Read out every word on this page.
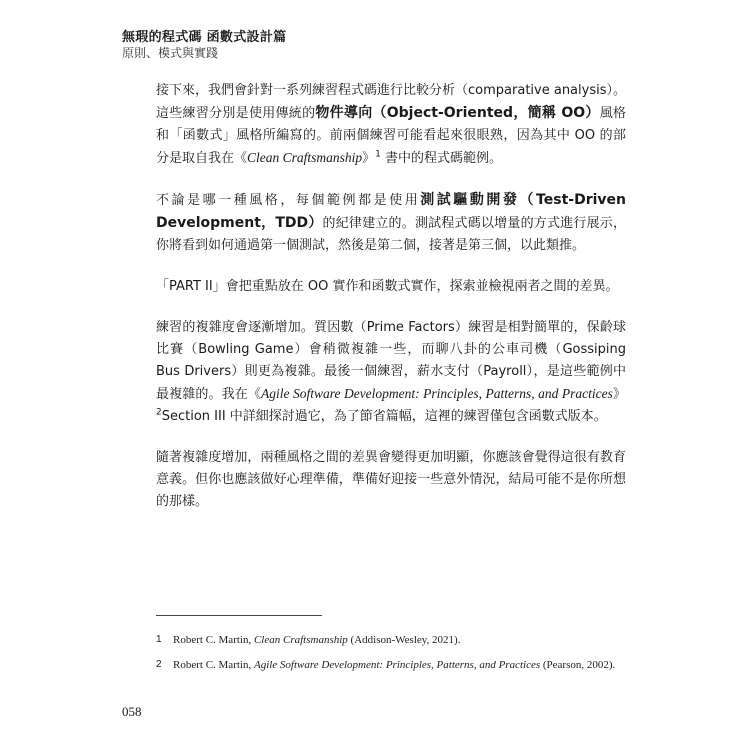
無瑕的程式碼 函數式設計篇
原則、模式與實踐

接下來，我們會針對一系列練習程式碼進行比較分析（comparative analysis）。這些練習分別是使用傳統的物件導向（Object-Oriented，簡稱 OO）風格和「函數式」風格所編寫的。前兩個練習可能看起來很眼熟，因為其中 OO 的部分是取自我在《Clean Craftsmanship》$^1$ 書中的程式碼範例。

不論是哪一種風格，每個範例都是使用測試驅動開發（Test-Driven Development，TDD）的紀律建立的。測試程式碼以增量的方式進行展示，你將看到如何通過第一個測試，然後是第二個，接著是第三個，以此類推。

「PART II」會把重點放在 OO 實作和函數式實作，探索並檢視兩者之間的差異。

練習的複雜度會逐漸增加。質因數（Prime Factors）練習是相對簡單的，保齡球比賽（Bowling Game）會稍微複雜一些，而聊八卦的公車司機（Gossiping Bus Drivers）則更為複雜。最後一個練習，薪水支付（Payroll），是這些範例中最複雜的。我在《Agile Software Development: Principles, Patterns, and Practices》$^2$Section III 中詳細探討過它，為了節省篇幅，這裡的練習僅包含函數式版本。

隨著複雜度增加，兩種風格之間的差異會變得更加明顯，你應該會覺得這很有教育意義。但你也應該做好心理準備，準備好迎接一些意外情況，結局可能不是你所想的那樣。

1	Robert C. Martin, Clean Craftsmanship (Addison-Wesley, 2021).
2	Robert C. Martin, Agile Software Development: Principles, Patterns, and Practices (Pearson, 2002).
058
